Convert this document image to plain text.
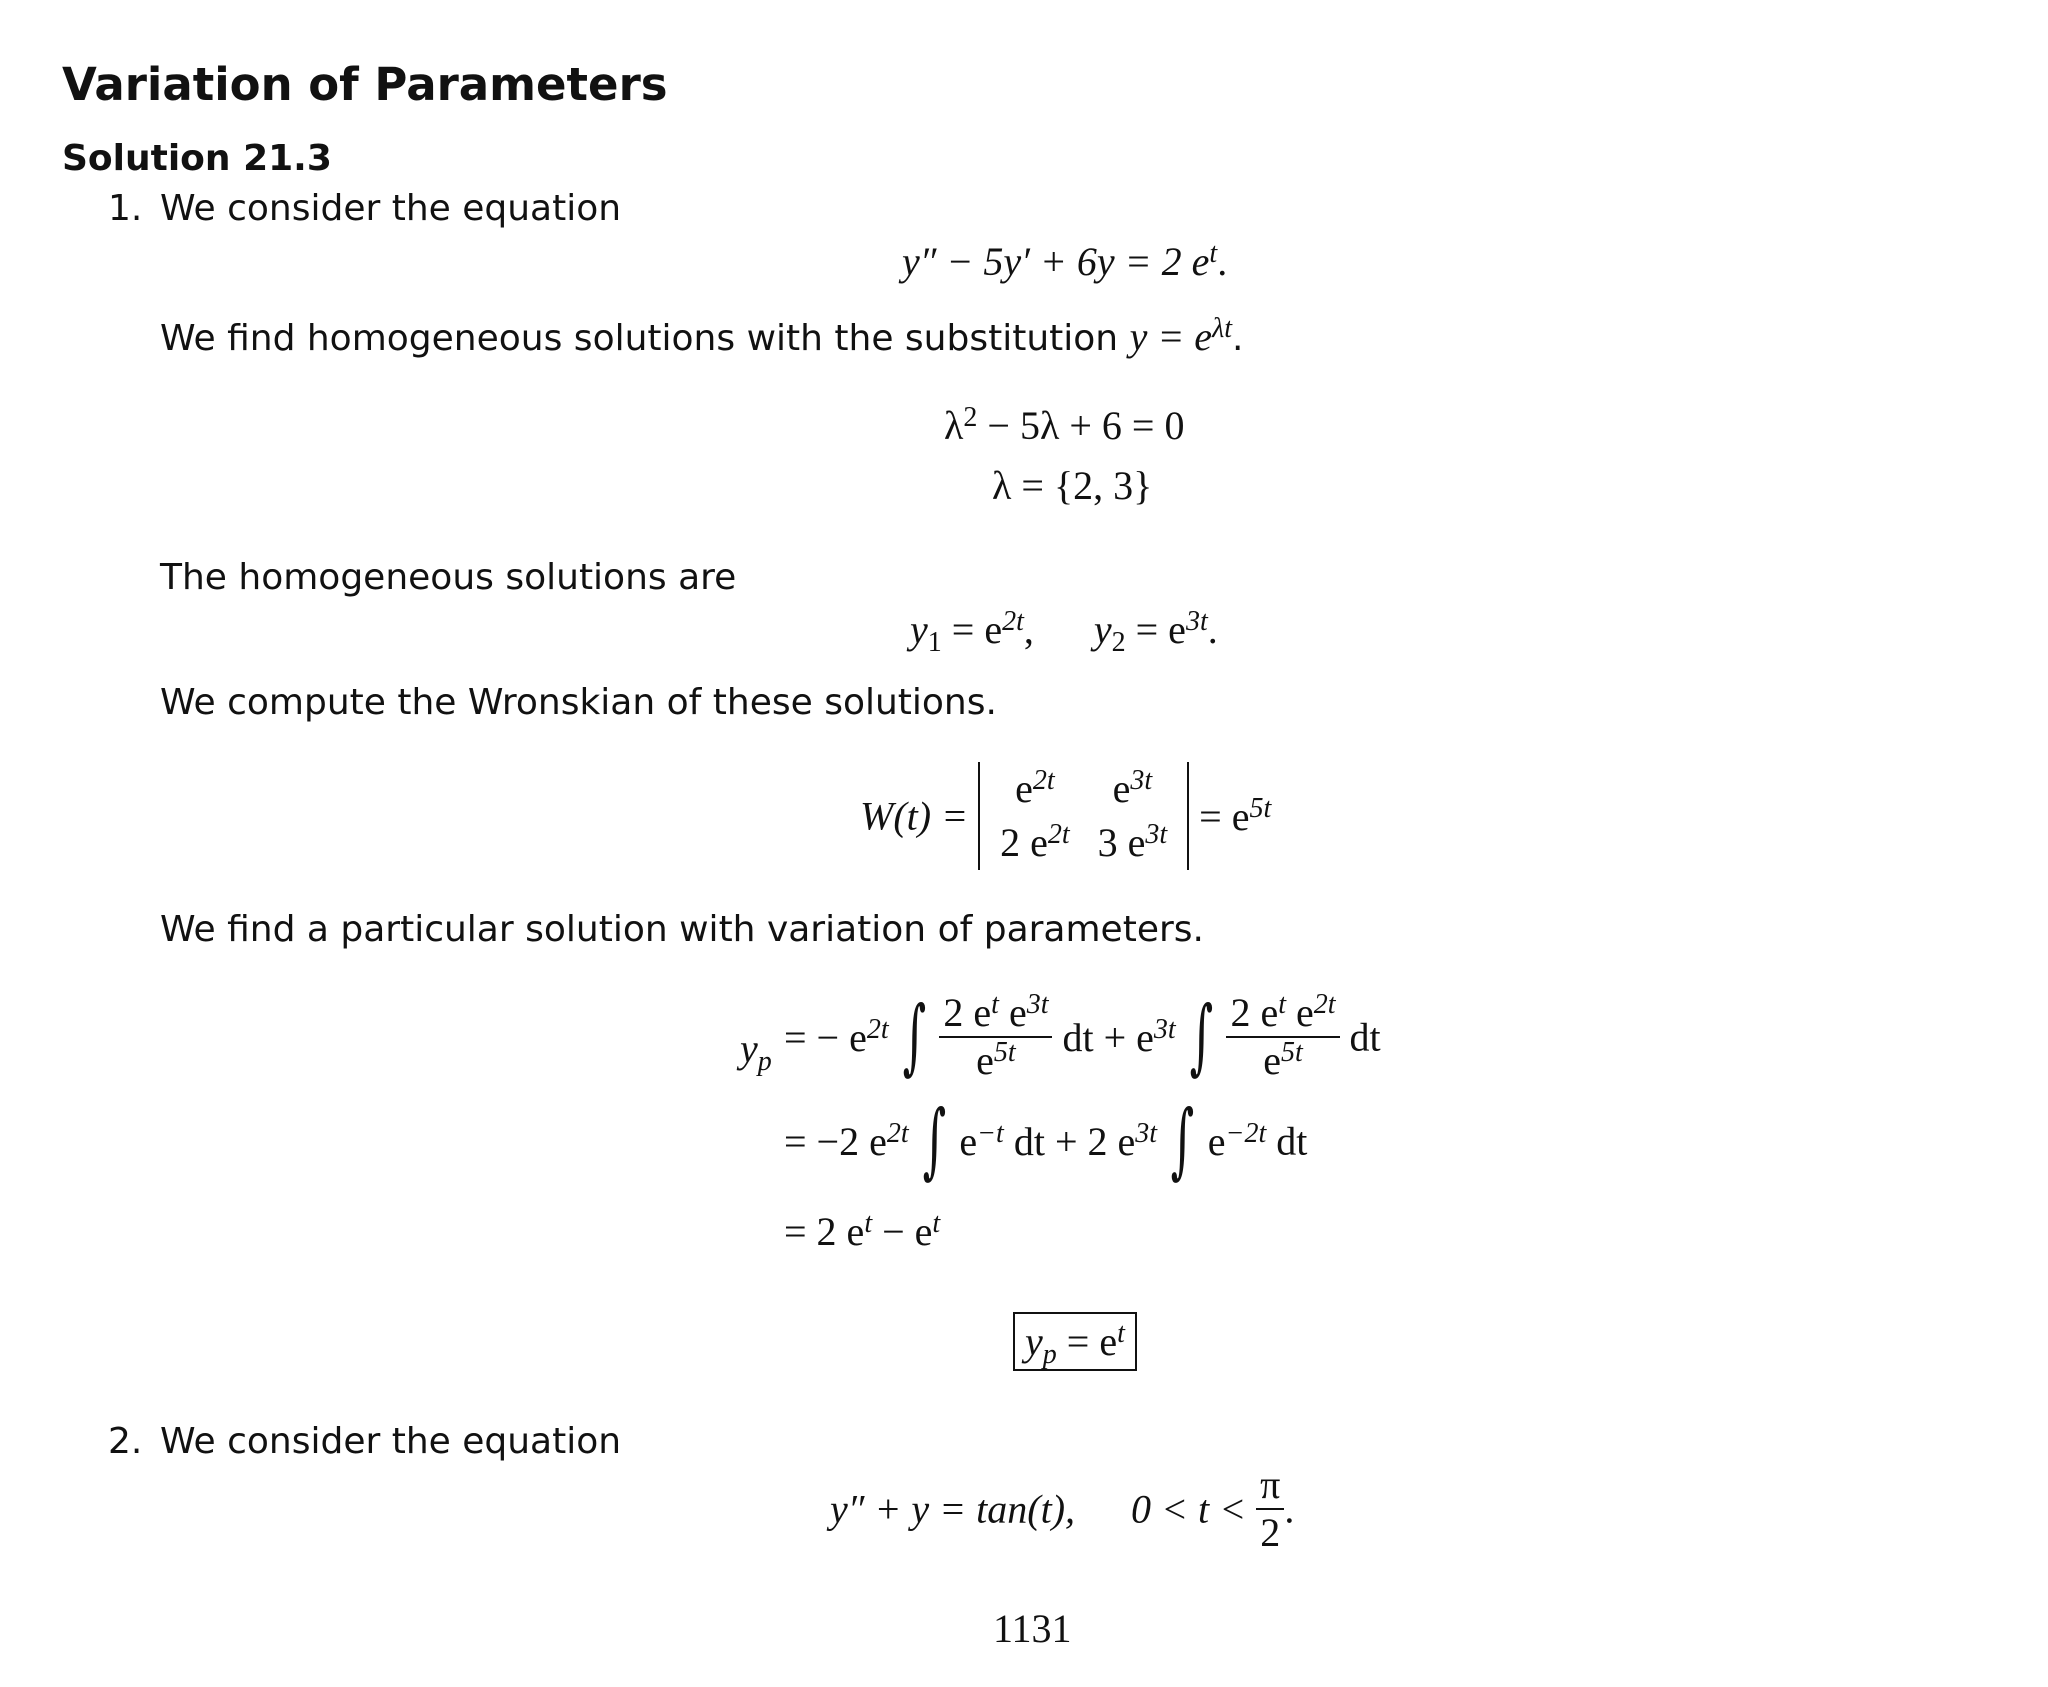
Variation of Parameters
Solution 21.3
1. We consider the equation
y″ − 5y′ + 6y = 2 $e^t$.
We find homogeneous solutions with the substitution $y = e^{\lambda t}$.
$\lambda^2 - 5\lambda + 6 = 0$
λ = {2, 3}
The homogeneous solutions are
$y_1 = e^{2t}$, $y_2 = e^{3t}$.
We compute the Wronskian of these solutions.
W(t) =
$e^{2t}$	$e^{3t}$
2 $e^{2t}$	3 $e^{3t} = e^{5t}$
We find a particular solution with variation of parameters.
$y_p$
= − $e^{2t}$ ∫ $\frac{2 e^t e^{3t}}{e^{5t}}$ dt + $e^{3t}$ ∫ $\frac{2 e^t e^{2t}}{e^{5t}}$ dt
= −2 $e^{2t}$ ∫ $e^{-t}$ dt + 2 $e^{3t}$ ∫ $e^{-2t}$ dt
= 2 $e^t - e^t$
$y_p = e^t$
2. We consider the equation
y″ + y = tan(t), $0 < t < \frac{\pi}{2}$ .
1131
